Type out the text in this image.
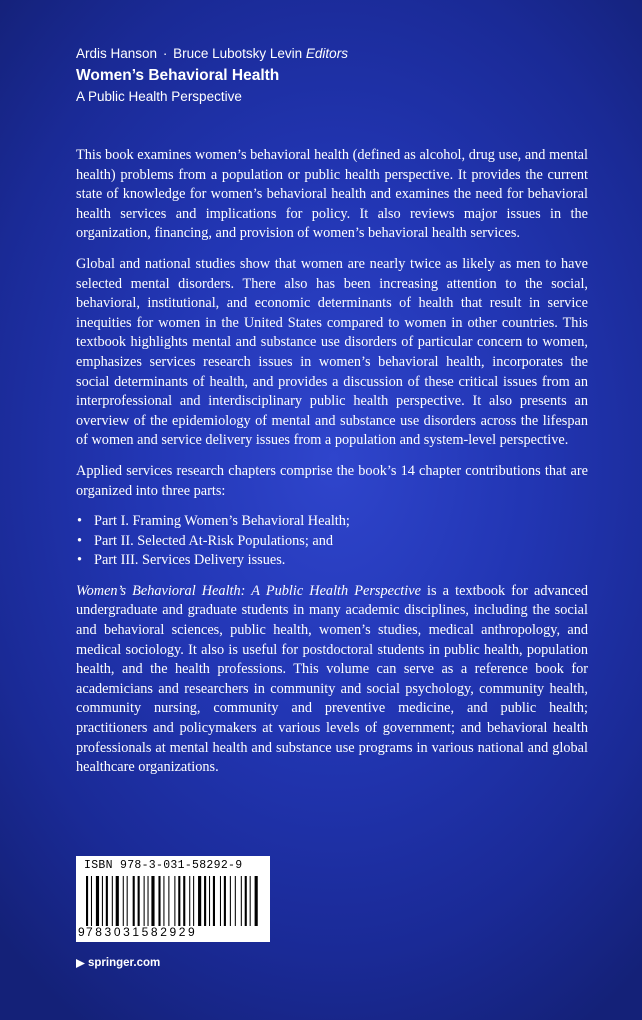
Ardis Hanson · Bruce Lubotsky Levin Editors
Women’s Behavioral Health
A Public Health Perspective

This book examines women’s behavioral health (defined as alcohol, drug use, and mental health) problems from a population or public health perspective. It provides the current state of knowledge for women’s behavioral health and examines the need for behavioral health services and implications for policy. It also reviews major issues in the organization, financing, and provision of women’s behavioral health services.

Global and national studies show that women are nearly twice as likely as men to have selected mental disorders. There also has been increasing attention to the social, behavioral, institutional, and economic determinants of health that result in service inequities for women in the United States compared to women in other countries. This textbook highlights mental and substance use disorders of particular concern to women, emphasizes services research issues in women’s behavioral health, incorporates the social determinants of health, and provides a discussion of these critical issues from an interprofessional and interdisciplinary public health perspective. It also presents an overview of the epidemiology of mental and substance use disorders across the lifespan of women and service delivery issues from a population and system-level perspective.

Applied services research chapters comprise the book’s 14 chapter contributions that are organized into three parts:

• Part I. Framing Women’s Behavioral Health;
• Part II. Selected At-Risk Populations; and
• Part III. Services Delivery issues.

Women’s Behavioral Health: A Public Health Perspective is a textbook for advanced undergraduate and graduate students in many academic disciplines, including the social and behavioral sciences, public health, women’s studies, medical anthropology, and medical sociology. It also is useful for postdoctoral students in public health, population health, and the health professions. This volume can serve as a reference book for academicians and researchers in community and social psychology, community health, community nursing, community and preventive medicine, and public health; practitioners and policymakers at various levels of government; and behavioral health professionals at mental health and substance use programs in various national and global healthcare organizations.

ISBN 978-3-031-58292-9
9 783031582929
springer.com
